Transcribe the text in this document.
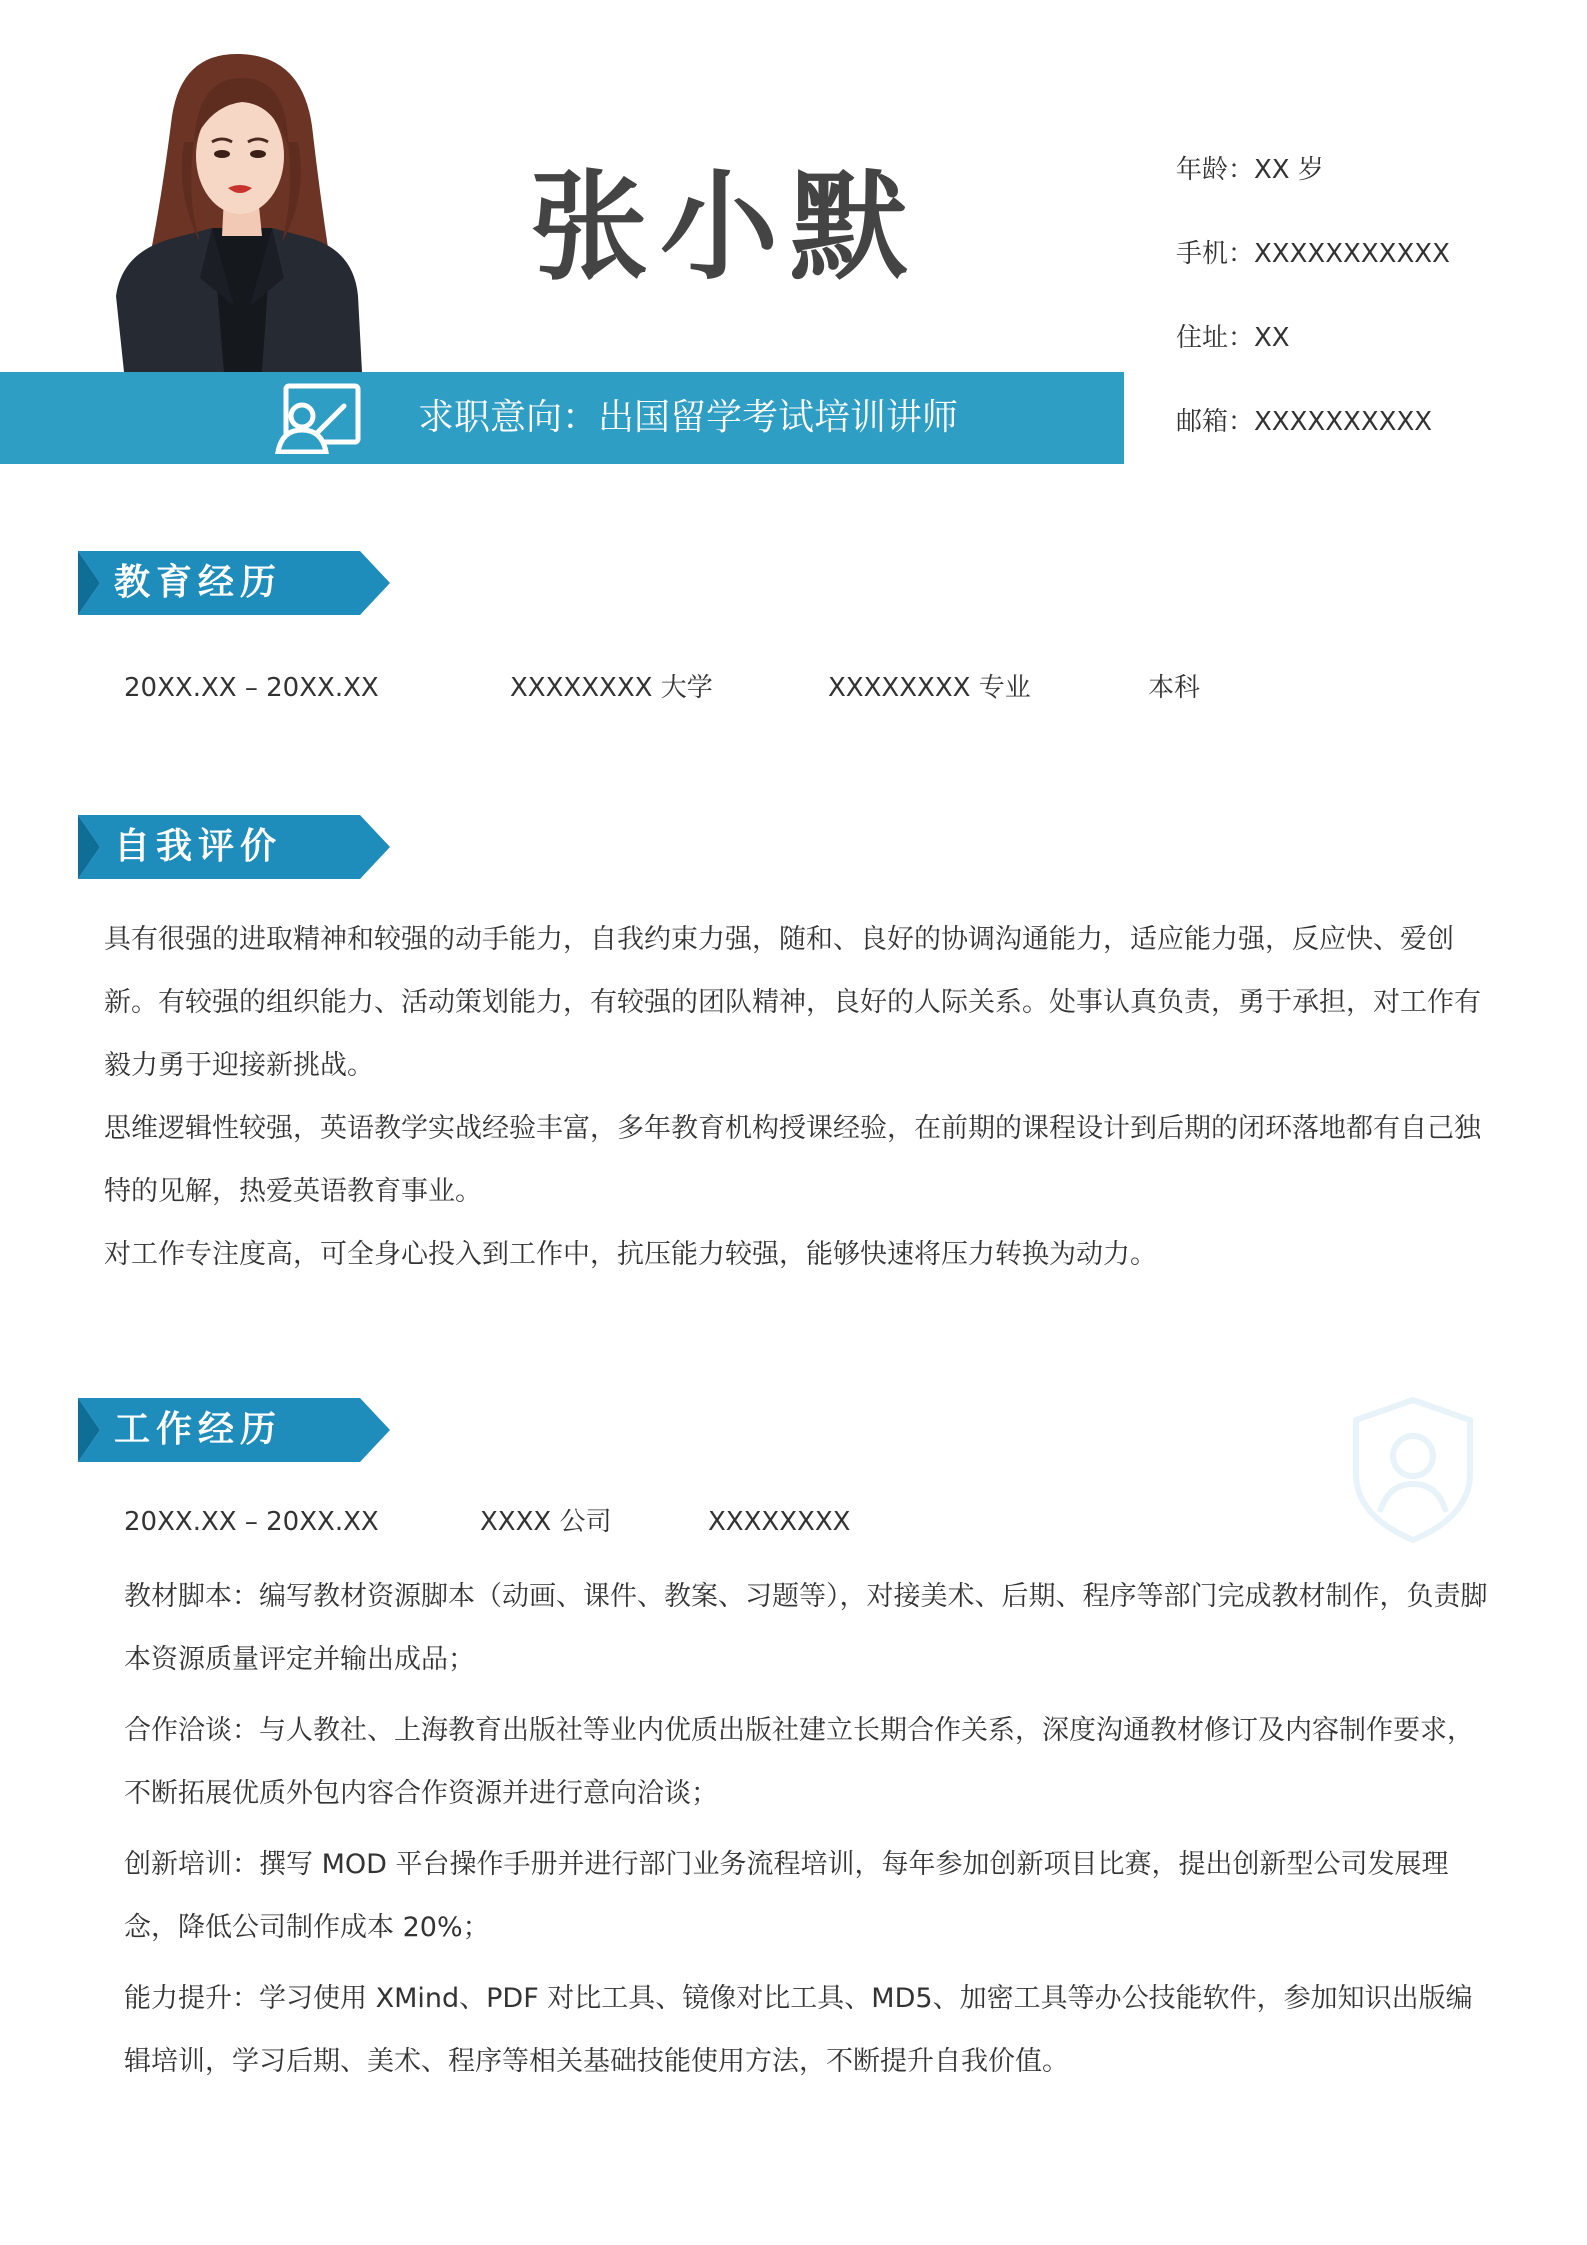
张小默
求职意向：出国留学考试培训讲师
年龄：XX 岁
手机：XXXXXXXXXXX
住址：XX
邮箱：XXXXXXXXXX
教育经历
20XX.XX – 20XX.XX	XXXXXXXX 大学	XXXXXXXX 专业	本科
自我评价

具有很强的进取精神和较强的动手能力，自我约束力强，随和、良好的协调沟通能力，适应能力强，反应快、爱创新。有较强的组织能力、活动策划能力，有较强的团队精神，良好的人际关系。处事认真负责，勇于承担，对工作有毅力勇于迎接新挑战。

思维逻辑性较强，英语教学实战经验丰富，多年教育机构授课经验，在前期的课程设计到后期的闭环落地都有自己独特的见解，热爱英语教育事业。

对工作专注度高，可全身心投入到工作中，抗压能力较强，能够快速将压力转换为动力。

工作经历
20XX.XX – 20XX.XX	XXXX 公司	XXXXXXXX

教材脚本：编写教材资源脚本（动画、课件、教案、习题等），对接美术、后期、程序等部门完成教材制作，负责脚本资源质量评定并输出成品；

合作洽谈：与人教社、上海教育出版社等业内优质出版社建立长期合作关系，深度沟通教材修订及内容制作要求，不断拓展优质外包内容合作资源并进行意向洽谈；

创新培训：撰写 MOD 平台操作手册并进行部门业务流程培训，每年参加创新项目比赛，提出创新型公司发展理念，降低公司制作成本 20%；

能力提升：学习使用 XMind、PDF 对比工具、镜像对比工具、MD5、加密工具等办公技能软件，参加知识出版编辑培训，学习后期、美术、程序等相关基础技能使用方法，不断提升自我价值。
